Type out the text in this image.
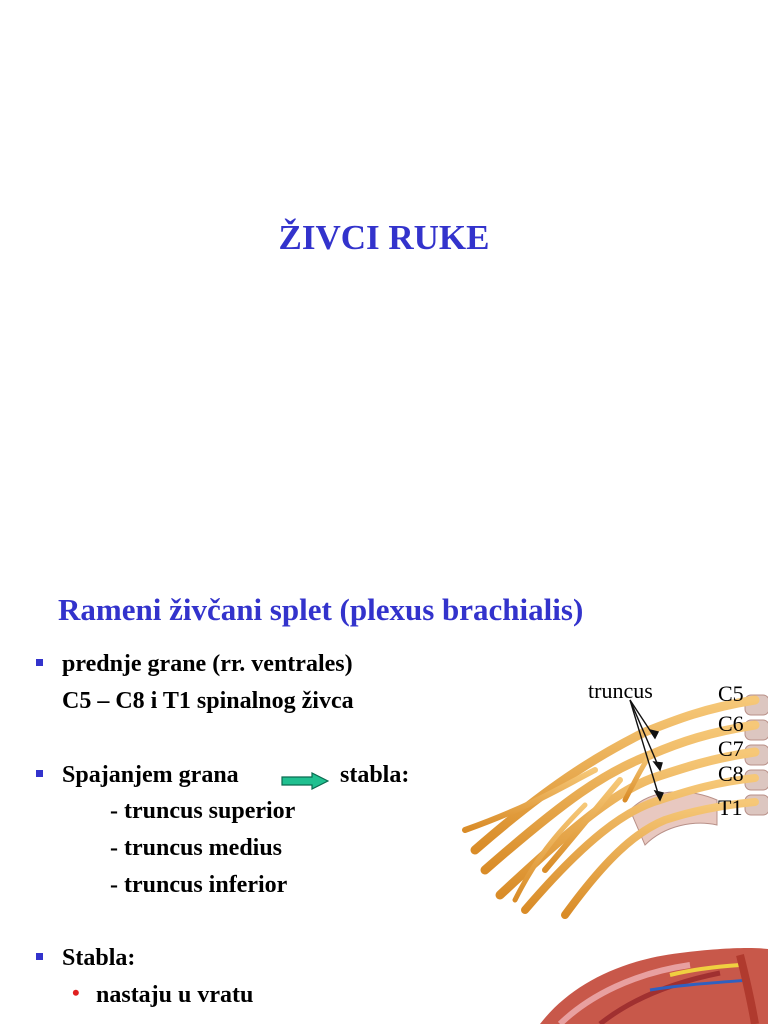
ŽIVCI RUKE
Rameni živčani splet (plexus brachialis)
prednje grane (rr. ventrales)
C5 – C8 i T1 spinalnog živca
Spajanjem grana	stabla:
- truncus superior
- truncus medius
- truncus inferior
Stabla:
• nastaju u vratu
truncus	C5
C6
C7
C8
T1
